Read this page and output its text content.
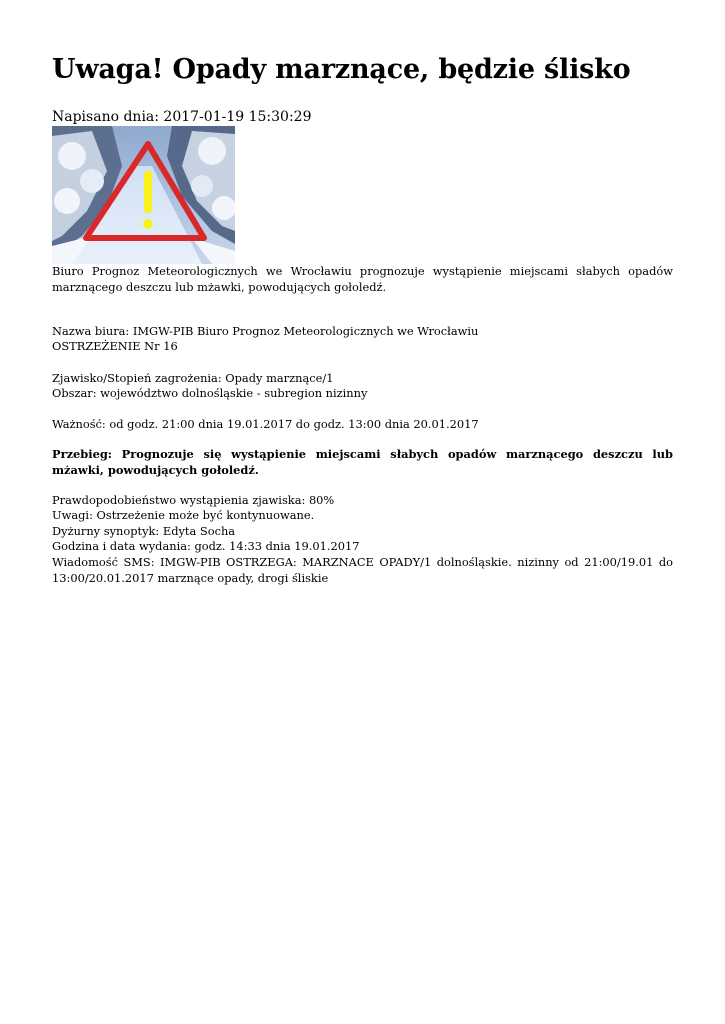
Uwaga! Opady marznące, będzie ślisko
Napisano dnia: 2017-01-19 15:30:29
Biuro Prognoz Meteorologicznych we Wrocławiu prognozuje wystąpienie miejscami słabych opadów marznącego deszczu lub mżawki, powodujących gołoledź.
Nazwa biura: IMGW-PIB Biuro Prognoz Meteorologicznych we Wrocławiu
OSTRZEŻENIE Nr 16
Zjawisko/Stopień zagrożenia: Opady marznące/1
Obszar: województwo dolnośląskie - subregion nizinny
Ważność: od godz. 21:00 dnia 19.01.2017 do godz. 13:00 dnia 20.01.2017
Przebieg: Prognozuje się wystąpienie miejscami słabych opadów marznącego deszczu lub mżawki, powodujących gołoledź.
Prawdopodobieństwo wystąpienia zjawiska: 80%
Uwagi: Ostrzeżenie może być kontynuowane.
Dyżurny synoptyk: Edyta Socha
Godzina i data wydania: godz. 14:33 dnia 19.01.2017
Wiadomość SMS: IMGW-PIB OSTRZEGA: MARZNACE OPADY/1 dolnośląskie. nizinny od 21:00/19.01 do 13:00/20.01.2017 marznące opady, drogi śliskie
